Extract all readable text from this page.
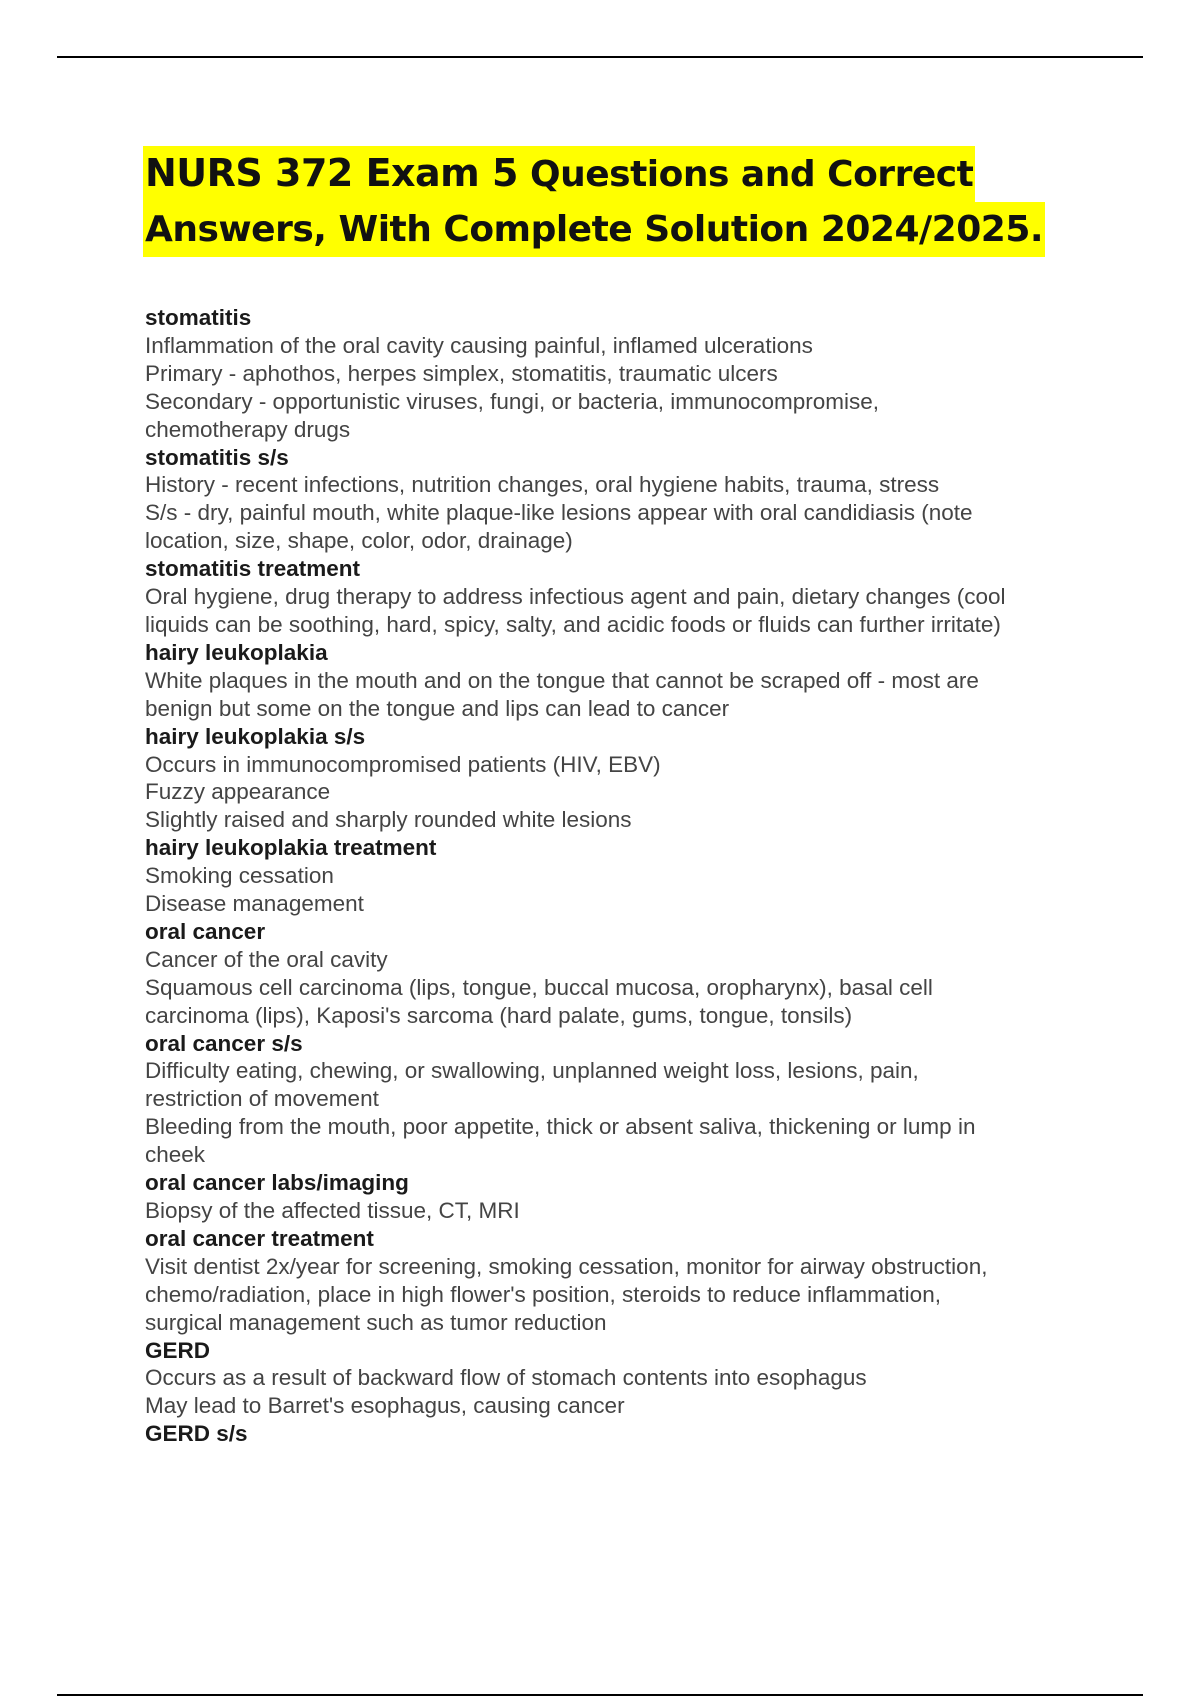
NURS 372 Exam 5 Questions and Correct
Answers, With Complete Solution 2024/2025.
stomatitis
Inflammation of the oral cavity causing painful, inflamed ulcerations
Primary - aphothos, herpes simplex, stomatitis, traumatic ulcers
Secondary - opportunistic viruses, fungi, or bacteria, immunocompromise,
chemotherapy drugs
stomatitis s/s
History - recent infections, nutrition changes, oral hygiene habits, trauma, stress
S/s - dry, painful mouth, white plaque-like lesions appear with oral candidiasis (note
location, size, shape, color, odor, drainage)
stomatitis treatment
Oral hygiene, drug therapy to address infectious agent and pain, dietary changes (cool
liquids can be soothing, hard, spicy, salty, and acidic foods or fluids can further irritate)
hairy leukoplakia
White plaques in the mouth and on the tongue that cannot be scraped off - most are
benign but some on the tongue and lips can lead to cancer
hairy leukoplakia s/s
Occurs in immunocompromised patients (HIV, EBV)
Fuzzy appearance
Slightly raised and sharply rounded white lesions
hairy leukoplakia treatment
Smoking cessation
Disease management
oral cancer
Cancer of the oral cavity
Squamous cell carcinoma (lips, tongue, buccal mucosa, oropharynx), basal cell
carcinoma (lips), Kaposi's sarcoma (hard palate, gums, tongue, tonsils)
oral cancer s/s
Difficulty eating, chewing, or swallowing, unplanned weight loss, lesions, pain,
restriction of movement
Bleeding from the mouth, poor appetite, thick or absent saliva, thickening or lump in
cheek
oral cancer labs/imaging
Biopsy of the affected tissue, CT, MRI
oral cancer treatment
Visit dentist 2x/year for screening, smoking cessation, monitor for airway obstruction,
chemo/radiation, place in high flower's position, steroids to reduce inflammation,
surgical management such as tumor reduction
GERD
Occurs as a result of backward flow of stomach contents into esophagus
May lead to Barret's esophagus, causing cancer
GERD s/s
